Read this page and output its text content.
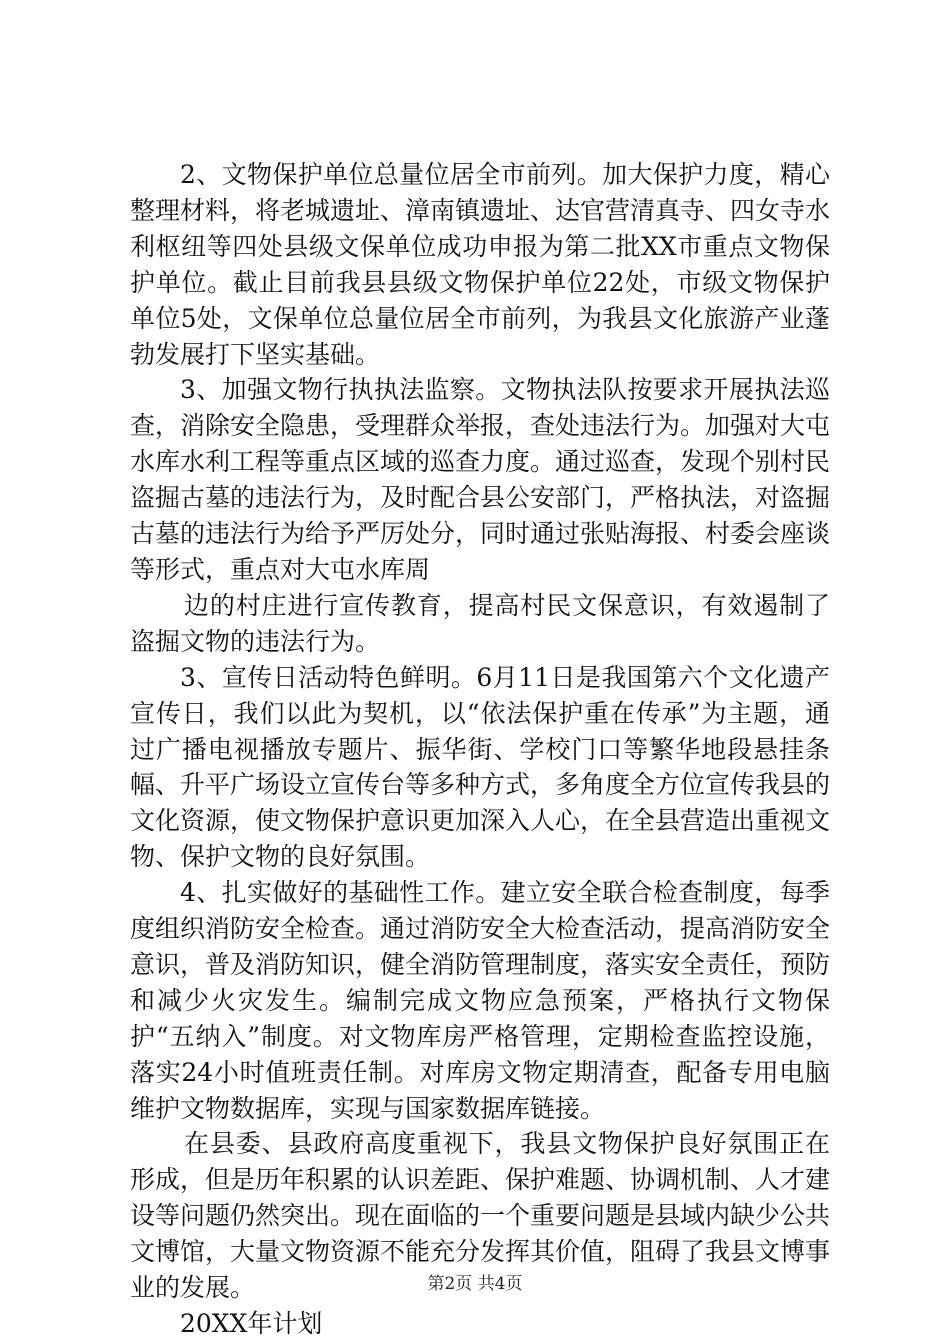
2、文物保护单位总量位居全市前列。加大保护力度，精心整理材料，将老城遗址、漳南镇遗址、达官营清真寺、四女寺水利枢纽等四处县级文保单位成功申报为第二批XX市重点文物保护单位。截止目前我县县级文物保护单位22处，市级文物保护单位5处，文保单位总量位居全市前列，为我县文化旅游产业蓬勃发展打下坚实基础。

3、加强文物行执执法监察。文物执法队按要求开展执法巡查，消除安全隐患，受理群众举报，查处违法行为。加强对大屯水库水利工程等重点区域的巡查力度。通过巡查，发现个别村民盗掘古墓的违法行为，及时配合县公安部门，严格执法，对盗掘古墓的违法行为给予严厉处分，同时通过张贴海报、村委会座谈等形式，重点对大屯水库周

边的村庄进行宣传教育，提高村民文保意识，有效遏制了盗掘文物的违法行为。

3、宣传日活动特色鲜明。6月11日是我国第六个文化遗产宣传日，我们以此为契机，以“依法保护重在传承”为主题，通过广播电视播放专题片、振华街、学校门口等繁华地段悬挂条幅、升平广场设立宣传台等多种方式，多角度全方位宣传我县的文化资源，使文物保护意识更加深入人心，在全县营造出重视文物、保护文物的良好氛围。

4、扎实做好的基础性工作。建立安全联合检查制度，每季度组织消防安全检查。通过消防安全大检查活动，提高消防安全意识，普及消防知识，健全消防管理制度，落实安全责任，预防和减少火灾发生。编制完成文物应急预案，严格执行文物保护“五纳入”制度。对文物库房严格管理，定期检查监控设施，落实24小时值班责任制。对库房文物定期清查，配备专用电脑维护文物数据库，实现与国家数据库链接。

在县委、县政府高度重视下，我县文物保护良好氛围正在形成，但是历年积累的认识差距、保护难题、协调机制、人才建设等问题仍然突出。现在面临的一个重要问题是县域内缺少公共文博馆，大量文物资源不能充分发挥其价值，阻碍了我县文博事业的发展。

20XX年计划

第2页 共4页
